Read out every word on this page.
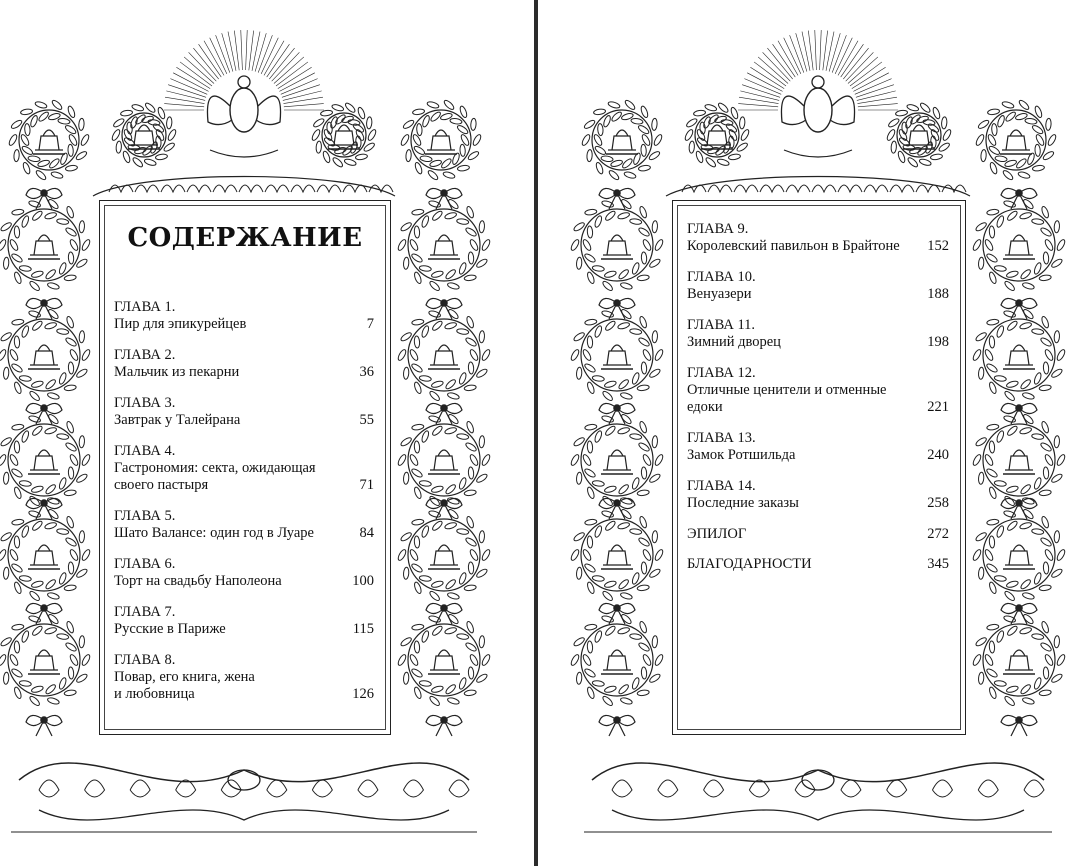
СОДЕРЖАНИЕ
ГЛАВА 1.
Пир для эпикурейцев	7
ГЛАВА 2.
Мальчик из пекарни	36
ГЛАВА 3.
Завтрак у Талейрана	55
ГЛАВА 4.
Гастрономия: секта, ожидающая
своего пастыря	71
ГЛАВА 5.
Шато Валансе: один год в Луаре	84
ГЛАВА 6.
Торт на свадьбу Наполеона	100
ГЛАВА 7.
Русские в Париже	115
ГЛАВА 8.
Повар, его книга, жена
и любовница	126
ГЛАВА 9.
Королевский павильон в Брайтоне	152
ГЛАВА 10.
Венуазери	188
ГЛАВА 11.
Зимний дворец	198
ГЛАВА 12.
Отличные ценители и отменные
едоки	221
ГЛАВА 13.
Замок Ротшильда	240
ГЛАВА 14.
Последние заказы	258
ЭПИЛОГ	272
БЛАГОДАРНОСТИ	345
